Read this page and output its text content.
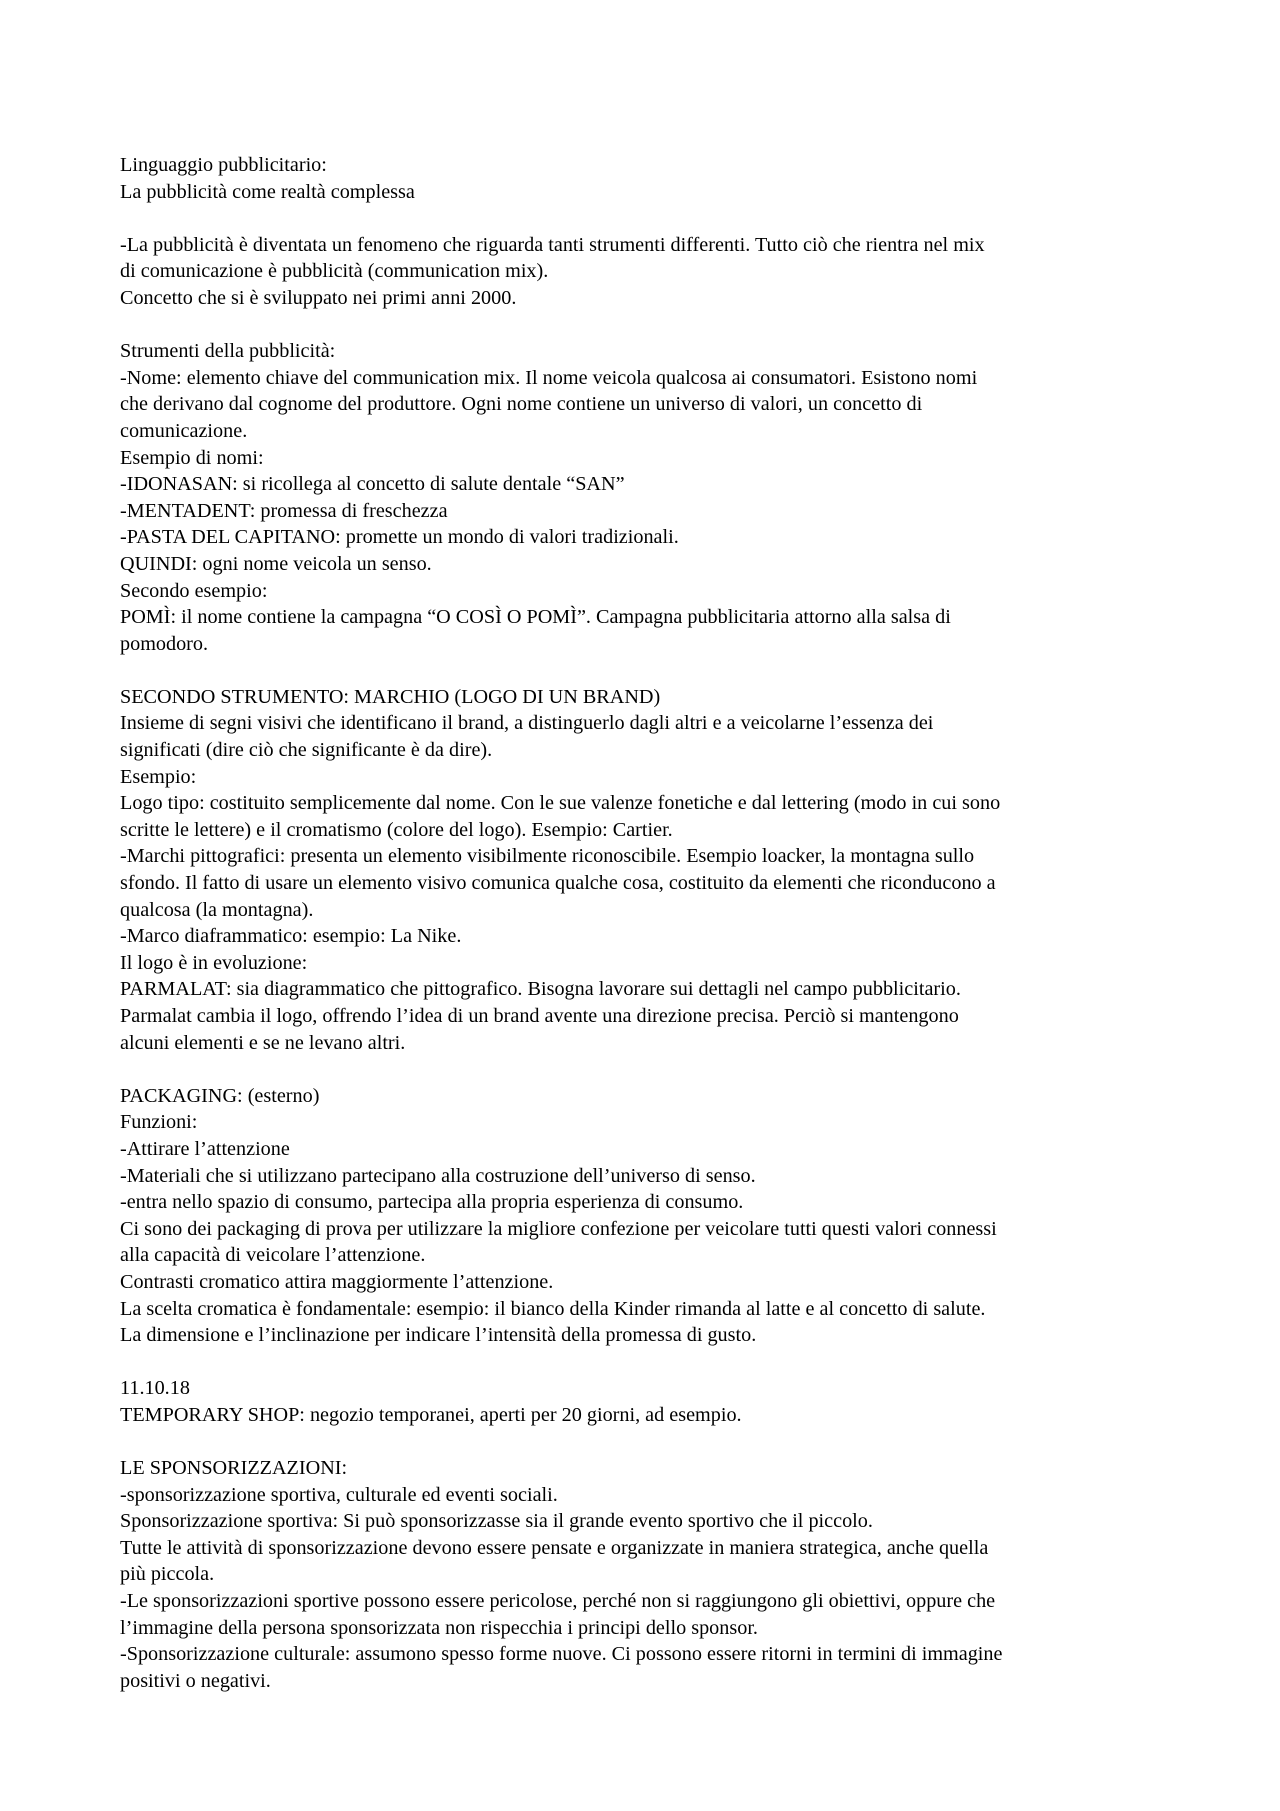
Linguaggio pubblicitario:
La pubblicità come realtà complessa
-La pubblicità è diventata un fenomeno che riguarda tanti strumenti differenti. Tutto ciò che rientra nel mix
di comunicazione è pubblicità (communication mix).
Concetto che si è sviluppato nei primi anni 2000.
Strumenti della pubblicità:
-Nome: elemento chiave del communication mix. Il nome veicola qualcosa ai consumatori. Esistono nomi
che derivano dal cognome del produttore. Ogni nome contiene un universo di valori, un concetto di
comunicazione.
Esempio di nomi:
-IDONASAN: si ricollega al concetto di salute dentale “SAN”
-MENTADENT: promessa di freschezza
-PASTA DEL CAPITANO: promette un mondo di valori tradizionali.
QUINDI: ogni nome veicola un senso.
Secondo esempio:
POMÌ: il nome contiene la campagna “O COSÌ O POMÌ”. Campagna pubblicitaria attorno alla salsa di
pomodoro.
SECONDO STRUMENTO: MARCHIO (LOGO DI UN BRAND)
Insieme di segni visivi che identificano il brand, a distinguerlo dagli altri e a veicolarne l’essenza dei
significati (dire ciò che significante è da dire).
Esempio:
Logo tipo: costituito semplicemente dal nome. Con le sue valenze fonetiche e dal lettering (modo in cui sono
scritte le lettere) e il cromatismo (colore del logo). Esempio: Cartier.
-Marchi pittografici: presenta un elemento visibilmente riconoscibile. Esempio loacker, la montagna sullo
sfondo. Il fatto di usare un elemento visivo comunica qualche cosa, costituito da elementi che riconducono a
qualcosa (la montagna).
-Marco diaframmatico: esempio: La Nike.
Il logo è in evoluzione:
PARMALAT: sia diagrammatico che pittografico. Bisogna lavorare sui dettagli nel campo pubblicitario.
Parmalat cambia il logo, offrendo l’idea di un brand avente una direzione precisa. Perciò si mantengono
alcuni elementi e se ne levano altri.
PACKAGING: (esterno)
Funzioni:
-Attirare l’attenzione
-Materiali che si utilizzano partecipano alla costruzione dell’universo di senso.
-entra nello spazio di consumo, partecipa alla propria esperienza di consumo.
Ci sono dei packaging di prova per utilizzare la migliore confezione per veicolare tutti questi valori connessi
alla capacità di veicolare l’attenzione.
Contrasti cromatico attira maggiormente l’attenzione.
La scelta cromatica è fondamentale: esempio: il bianco della Kinder rimanda al latte e al concetto di salute.
La dimensione e l’inclinazione per indicare l’intensità della promessa di gusto.
11.10.18
TEMPORARY SHOP: negozio temporanei, aperti per 20 giorni, ad esempio.
LE SPONSORIZZAZIONI:
-sponsorizzazione sportiva, culturale ed eventi sociali.
Sponsorizzazione sportiva: Si può sponsorizzasse sia il grande evento sportivo che il piccolo.
Tutte le attività di sponsorizzazione devono essere pensate e organizzate in maniera strategica, anche quella
più piccola.
-Le sponsorizzazioni sportive possono essere pericolose, perché non si raggiungono gli obiettivi, oppure che
l’immagine della persona sponsorizzata non rispecchia i principi dello sponsor.
-Sponsorizzazione culturale: assumono spesso forme nuove. Ci possono essere ritorni in termini di immagine
positivi o negativi.
